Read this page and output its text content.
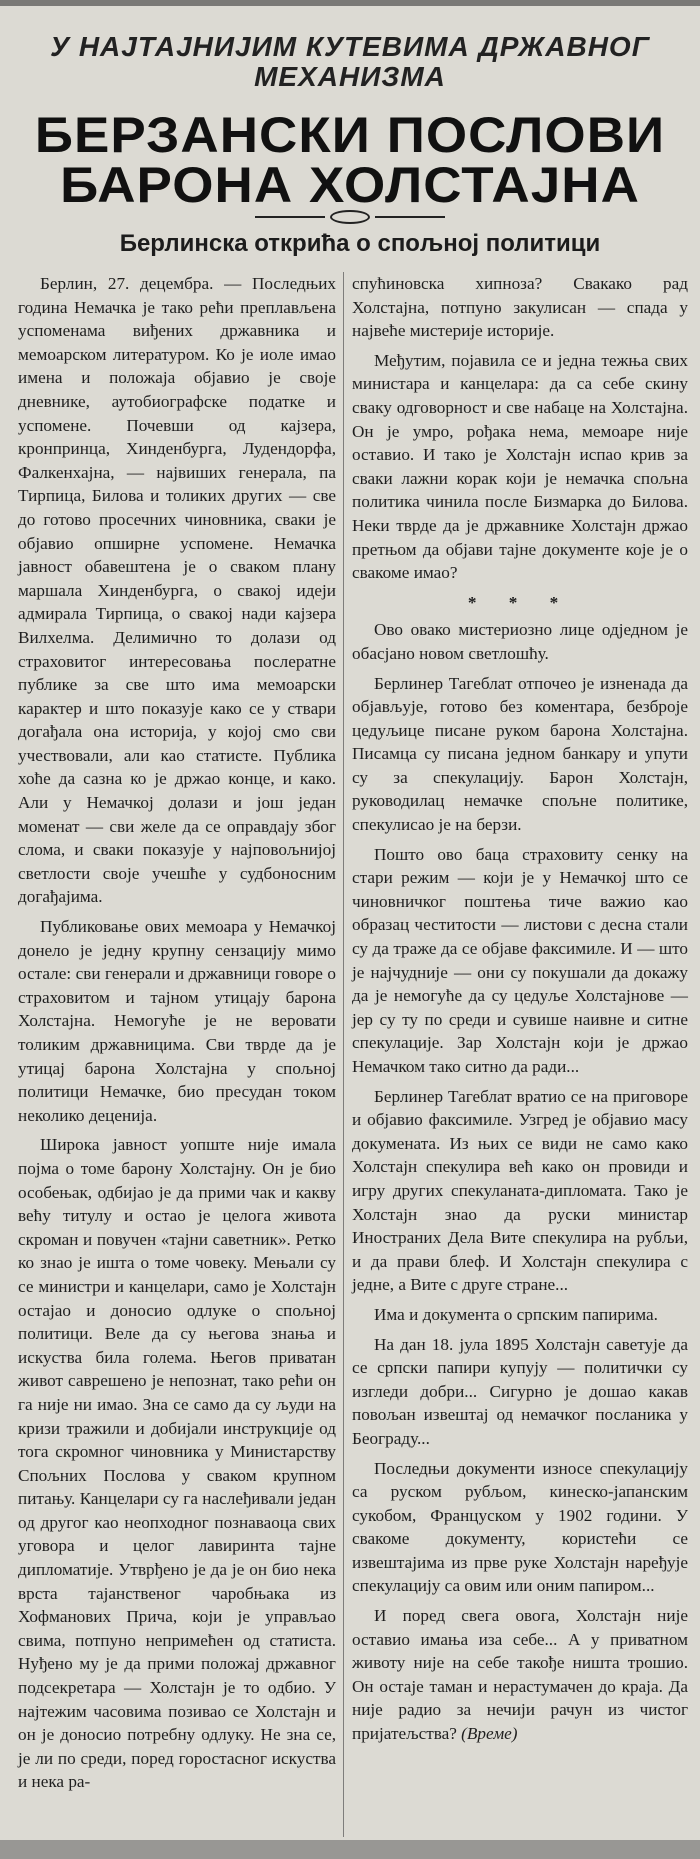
У НАЈТАЈНИЈИМ КУТЕВИМА ДРЖАВНОГ МЕХАНИЗМА
БЕРЗАНСКИ ПОСЛОВИ
БАРОНА ХОЛСТАЈНА
Берлинска открића о спољној политици

Берлин, 27. децембра. — Последњих година Немачка је тако рећи преплављена успоменама виђених државника и мемоарском литературом. Ко је иоле имао имена и положаја објавио је своје дневнике, аутобиографске податке и успомене. Почевши од кајзера, кронпринца, Хинденбурга, Лудендорфа, Фалкенхајна, — највиших генерала, па Тирпица, Билова и толиких других — све до готово просечних чиновника, сваки је објавио опширне успомене. Немачка јавност обавештена је о сваком плану маршала Хинденбурга, о свакој идеји адмирала Тирпица, о свакој нади кајзера Вилхелма. Делимично то долази од страховитог интересовања послератне публике за све што има мемоарски карактер и што показује како се у ствари догађала она историја, у којој смо сви учествовали, али као статисте. Публика хоће да сазна ко је држао конце, и како. Али у Немачкој долази и још један моменат — сви желе да се оправдају због слома, и сваки показује у најповољнијој светлости своје учешће у судбоносним догађајима.

Публиковање ових мемоара у Немачкој донело је једну крупну сензацију мимо остале: сви генерали и државници говоре о страховитом и тајном утицају барона Холстајна. Немогуће је не веровати толиким државницима. Сви тврде да је утицај барона Холстајна у спољној политици Немачке, био пресудан током неколико деценија.

Широка јавност уопште није имала појма о томе барону Холстајну. Он је био особењак, одбијао је да прими чак и какву већу титулу и остао је целога живота скроман и повучен «тајни саветник». Ретко ко знао је ишта о томе човеку. Мењали су се министри и канцелари, само је Холстајн остајао и доносио одлуке о спољној политици. Веле да су његова знања и искуства била голема. Његов приватан живот саврешено је непознат, тако рећи он га није ни имао. Зна се само да су људи на кризи тражили и добијали инструкције од тога скромног чиновника у Министарству Спољних Послова у сваком крупном питању. Канцелари су га наслеђивали један од другог као неопходног познаваоца свих уговора и целог лавиринта тајне дипломатије. Утврђено је да је он био нека врста тајанственог чаробњака из Хофманових Прича, који је управљао свима, потпуно непримећен од статиста. Нуђено му је да прими положај државног подсекретара — Холстајн је то одбио. У најтежим часовима позивао се Холстајн и он је доносио потребну одлуку. Не зна се, је ли по среди, поред горостасног искуства и нека ра-

спућиновска хипноза? Свакако рад Холстајна, потпуно закулисан — спада у највеће мистерије историје.

Међутим, појавила се и једна тежња свих министара и канцелара: да са себе скину сваку одговорност и све набаце на Холстајна. Он је умро, рођака нема, мемоаре није оставио. И тако је Холстајн испао крив за сваки лажни корак који је немачка спољна политика чинила после Бизмарка до Билова. Неки тврде да је државнике Холстајн држао претњом да објави тајне документе које је о свакоме имао?

* * *

Ово овако мистериозно лице одједном је обасјано новом светлошћу.

Берлинер Тагеблат отпочео је изненада да објављује, готово без коментара, безброје цедуљице писане руком барона Холстајна. Писамца су писана једном банкару и упути су за спекулацију. Барон Холстајн, руководилац немачке спољне политике, спекулисао је на берзи.

Пошто ово баца страховиту сенку на стари режим — који је у Немачкој што се чиновничког поштења тиче важио као образац честитости — листови с десна стали су да траже да се објаве факсимиле. И — што је најчудније — они су покушали да докажу да је немогуће да су цедуље Холстајнове — јер су ту по среди и сувише наивне и ситне спекулације. Зар Холстајн који је држао Немачком тако ситно да ради...

Берлинер Тагеблат вратио се на приговоре и објавио факсимиле. Узгред је објавио масу докумената. Из њих се види не само како Холстајн спекулира већ како он провиди и игру других спекуланата-дипломата. Тако је Холстајн знао да руски министар Иностраних Дела Вите спекулира на рубљи, и да прави блеф. И Холстајн спекулира с једне, а Вите с друге стране...

Има и документа о српским папирима.

На дан 18. јула 1895 Холстајн саветује да се српски папири купују — политички су изгледи добри... Сигурно је дошао какав повољан извештај од немачког посланика у Београду...

Последњи документи износе спекулацију са руском рубљом, кинеско-јапанским сукобом, Француском у 1902 години. У свакоме документу, користећи се извештајима из прве руке Холстајн наређује спекулацију са овим или оним папиром...

И поред свега овога, Холстајн није оставио имања иза себе... А у приватном животу није на себе такође ништа трошио. Он остаје таман и нерастумачен до краја. Да није радио за нечији рачун из чистог пријатељства? (Време)
